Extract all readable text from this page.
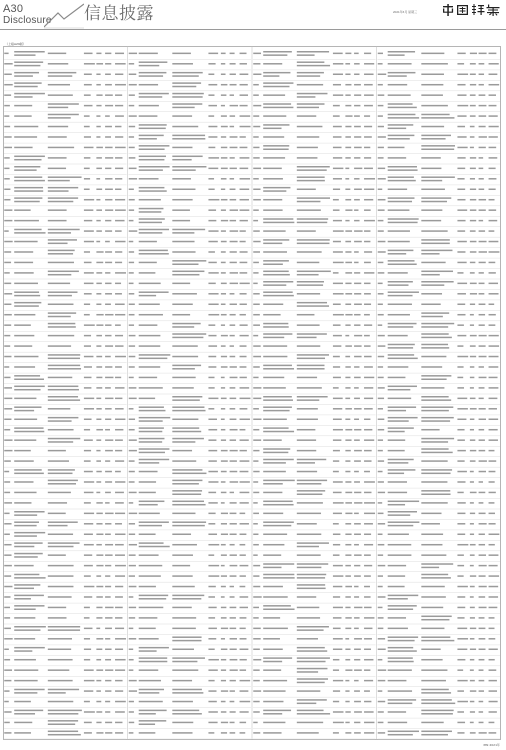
A30
Disclosure 信息披露	2021年6月 星期三
（上接A29版）
PIN 2021年
